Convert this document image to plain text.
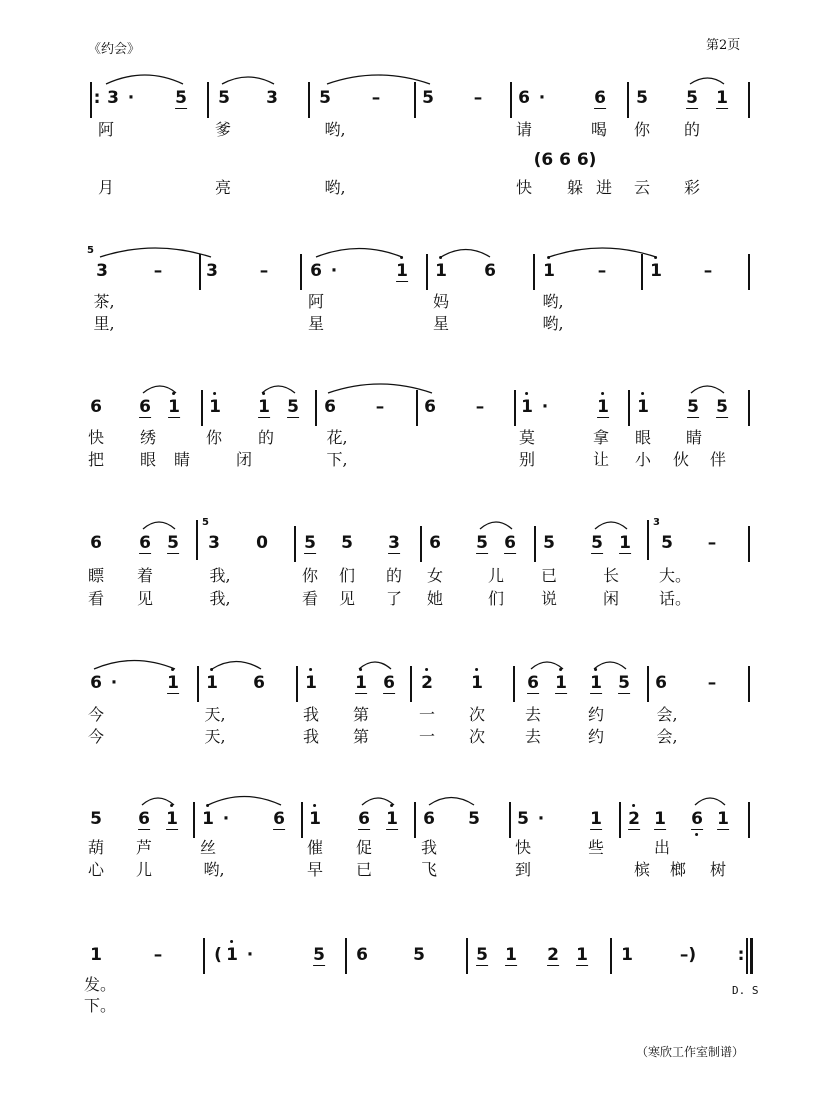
《约会》	第2页
: 3 · 5 5 3 5 – 5 – 6 ·	6 5 5 1
阿	爹	哟,	请	喝 你 的
(6 6 6)
月	亮	哟,	快 躲 进 云 彩
5
3	–	3 – 6 ·	1 1 6	1	–	1 –
茶,	阿	妈	哟,
里,	星	星	哟,
6 6 1 1 1 5 6 – 6 – 1 ·	1 1 5 5
快 绣	你 的	花,	莫	拿 眼 睛
把 眼 睛	闭	下,	别	让 小 伙 伴
6 6 5
5
3 0 5 5 3 6 5 6 5 5 1
3
5 –
瞟 着	我,	你 们 的 女	儿 已	长 大。
看 见	我,	看 见 了 她	们 说	闲 话。
6 ·	1 1 6 1 1 6 2 1	6 1 1 5 6 –
今	天,	我 第	一 次 去	约	会,
今	天,	我 第	一 次 去	约	会,
5 6 1 1 ·	6 1 6 1 6 5 5 ·	1 2 1 6 1
葫 芦	丝	催 促	我	快	些	出
心 儿	哟,	早 已	飞	到	槟 榔 树
1	–	( 1 ·	5 6	5	5 1 2 1 1	–) :
D. S
发。
下。
（寒欣工作室制谱）
